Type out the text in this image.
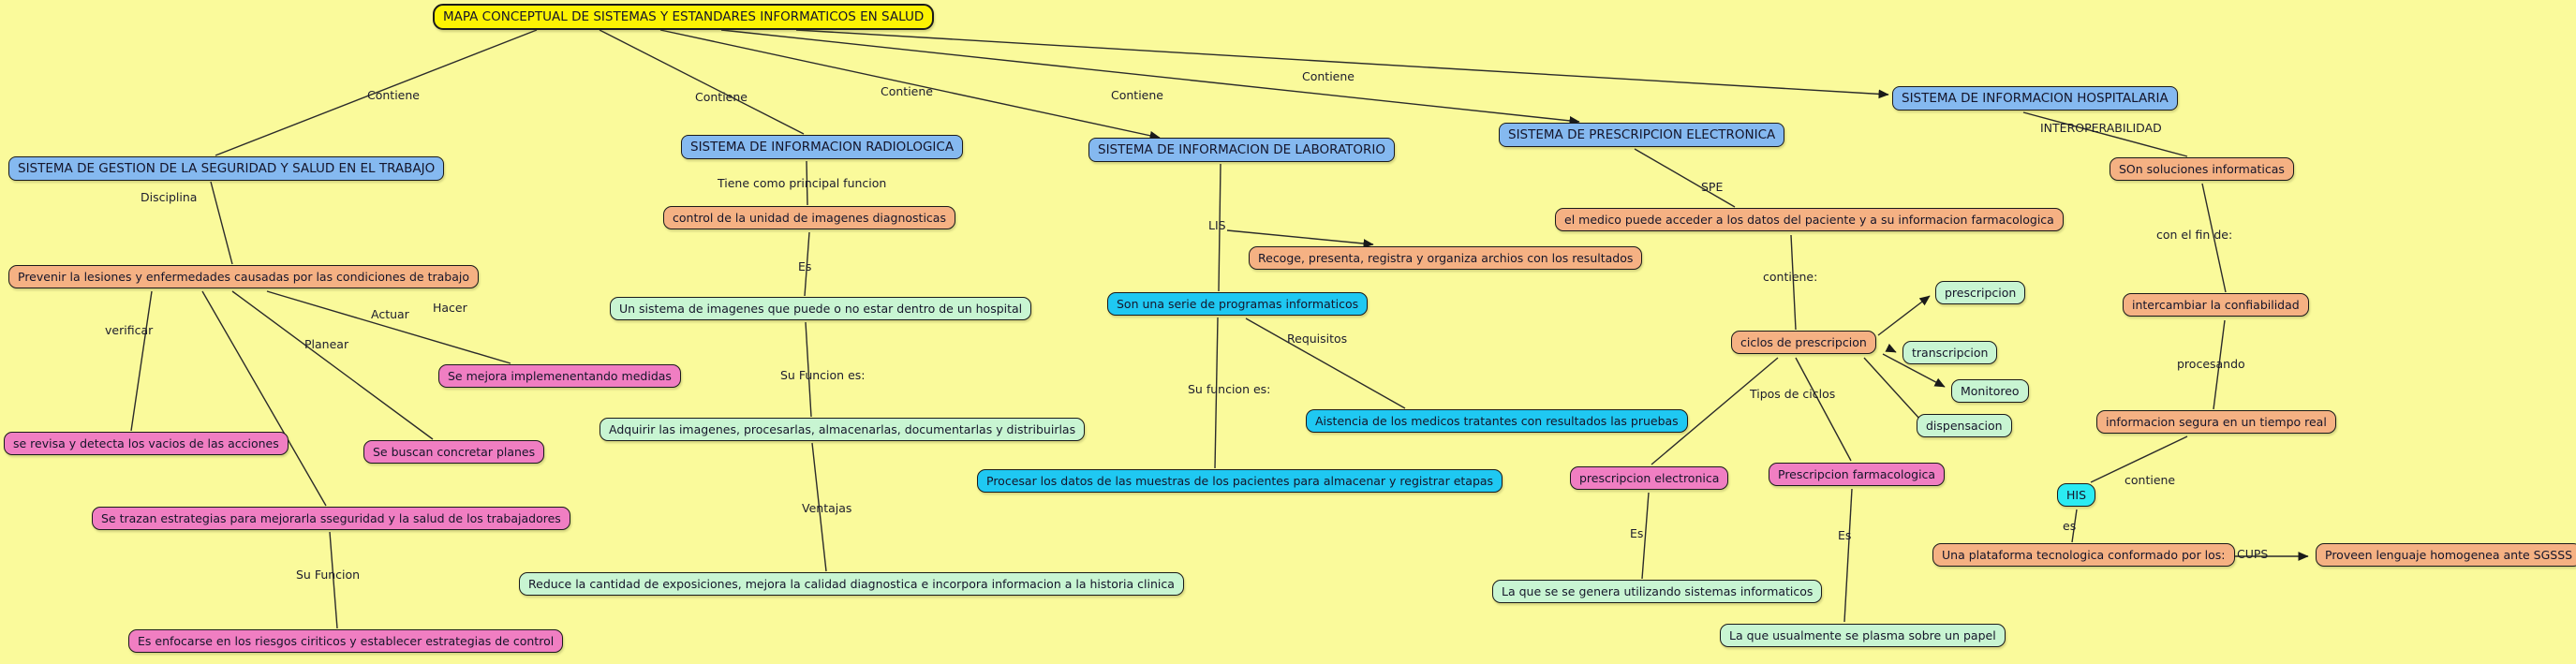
MAPA CONCEPTUAL DE SISTEMAS Y ESTANDARES INFORMATICOS EN SALUD
SISTEMA DE GESTION DE LA SEGURIDAD Y SALUD EN EL TRABAJO
SISTEMA DE INFORMACION RADIOLOGICA	SISTEMA DE INFORMACION DE LABORATORIO
SISTEMA DE PRESCRIPCION ELECTRONICA
SISTEMA DE INFORMACION HOSPITALARIA
Prevenir la lesiones y enfermedades causadas por las condiciones de trabajo
Se mejora implemenentando medidas
se revisa y detecta los vacios de las acciones
Se buscan concretar planes
Se trazan estrategias para mejorarla sseguridad y la salud de los trabajadores
Es enfocarse en los riesgos ciriticos y establecer estrategias de control
control de la unidad de imagenes diagnosticas
Un sistema de imagenes que puede o no estar dentro de un hospital
Adquirir las imagenes, procesarlas, almacenarlas, documentarlas y distribuirlas
Reduce la cantidad de exposiciones, mejora la calidad diagnostica e incorpora informacion a la historia clinica
Recoge, presenta, registra y organiza archios con los resultados
Son una serie de programas informaticos
Aistencia de los medicos tratantes con resultados las pruebas
Procesar los datos de las muestras de los pacientes para almacenar y registrar etapas
el medico puede acceder a los datos del paciente y a su informacion farmacologica
ciclos de prescripcion
prescripcion
transcripcion
Monitoreo
dispensacion
prescripcion electronica	Prescripcion farmacologica
La que se se genera utilizando sistemas informaticos
La que usualmente se plasma sobre un papel
SOn soluciones informaticas
intercambiar la confiabilidad
informacion segura en un tiempo real
HIS
Una plataforma tecnologica conformado por los:	Proveen lenguaje homogenea ante SGSSS
Contiene	Contiene	Contiene	Contiene
Contiene
Disciplina
verificar
Planear
Actuar Hacer
Su Funcion
Tiene como principal funcion
Es
Su Funcion es:
Ventajas
LIS
Requisitos
Su funcion es:
SPE
contiene:
Tipos de ciclos
Es	Es
INTEROPERABILIDAD
con el fin de:
procesando
contiene
es
CUPS
